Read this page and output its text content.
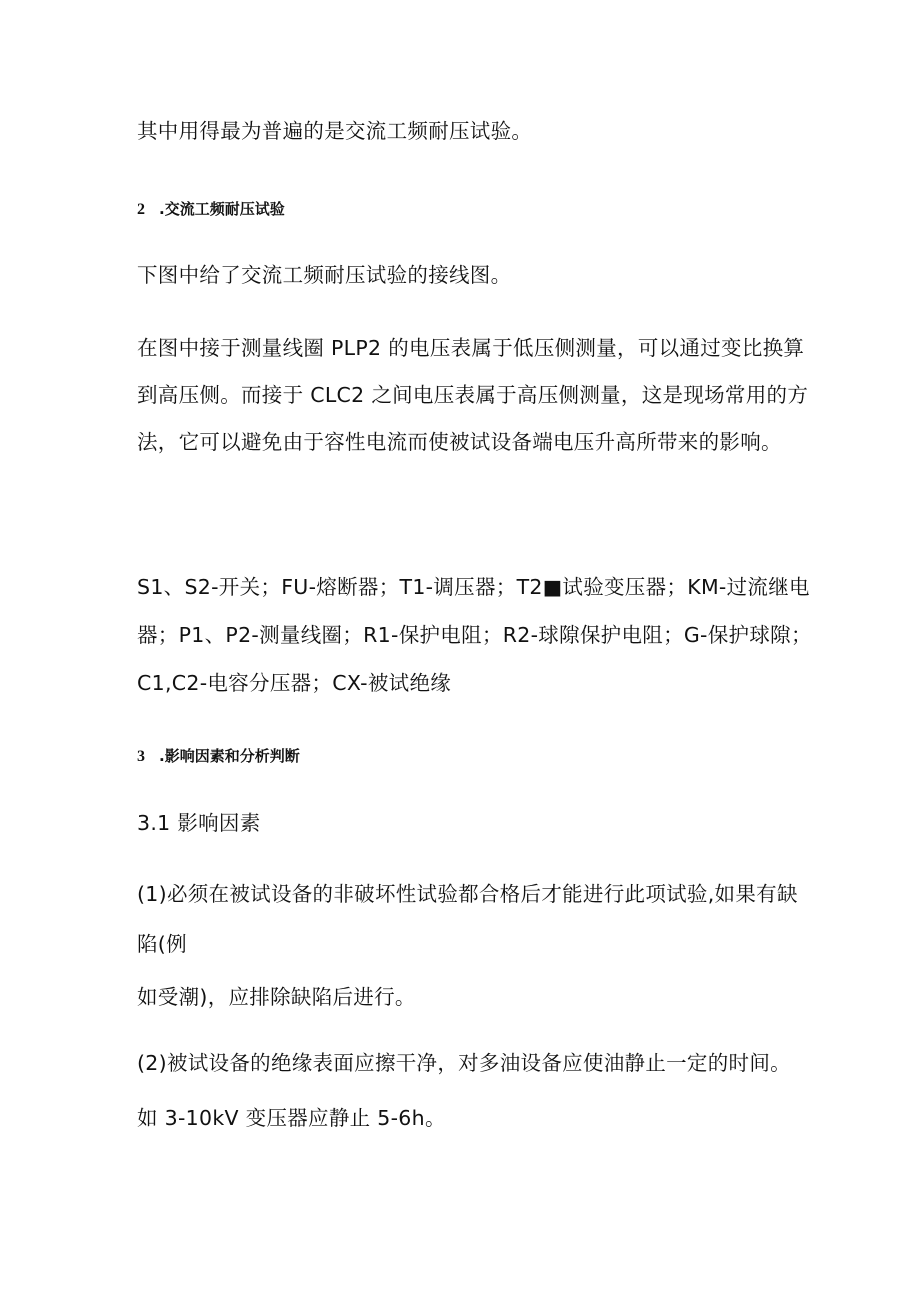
其中用得最为普遍的是交流工频耐压试验。
2 .交流工频耐压试验
下图中给了交流工频耐压试验的接线图。
在图中接于测量线圈 PLP2 的电压表属于低压侧测量，可以通过变比换算
到高压侧。而接于 CLC2 之间电压表属于高压侧测量，这是现场常用的方
法，它可以避免由于容性电流而使被试设备端电压升高所带来的影响。
S1、S2-开关；FU-熔断器；T1-调压器；T2■试验变压器；KM-过流继电
器；P1、P2-测量线圈；R1-保护电阻；R2-球隙保护电阻；G-保护球隙；
C1,C2-电容分压器；CX-被试绝缘
3 .影响因素和分析判断
3.1 影响因素
(1)必须在被试设备的非破坏性试验都合格后才能进行此项试验,如果有缺
陷(例
如受潮)，应排除缺陷后进行。
(2)被试设备的绝缘表面应擦干净，对多油设备应使油静止一定的时间。
如 3-10kV 变压器应静止 5-6h。
